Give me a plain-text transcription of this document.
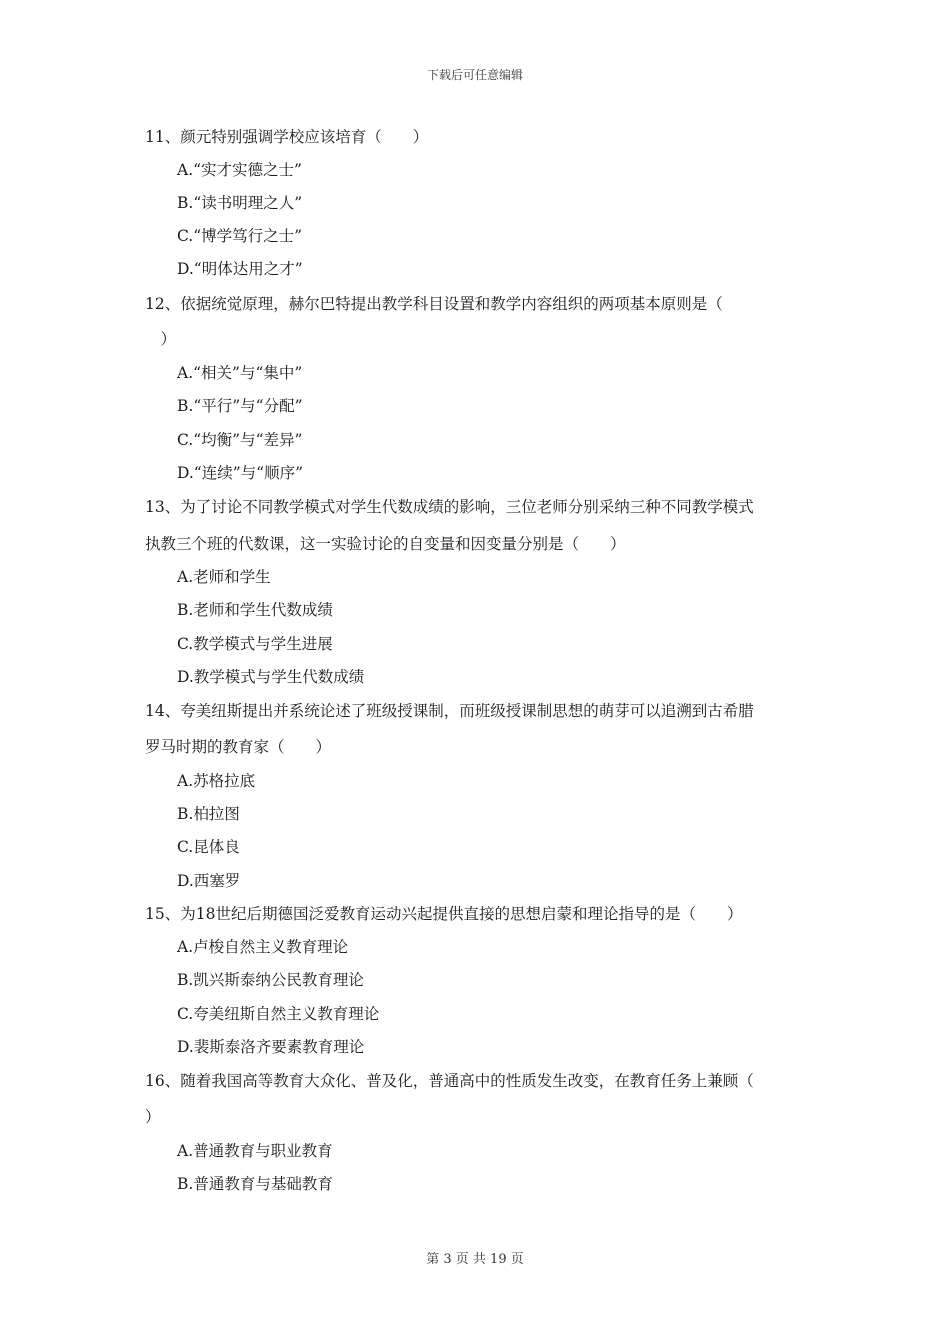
下载后可任意编辑
11、颜元特别强调学校应该培育（　　）
A.“实才实德之士”
B.“读书明理之人”
C.“博学笃行之士”
D.“明体达用之才”
12、依据统觉原理，赫尔巴特提出教学科目设置和教学内容组织的两项基本原则是（
　）
A.“相关”与“集中”
B.“平行”与“分配”
C.“均衡”与“差异”
D.“连续”与“顺序”
13、为了讨论不同教学模式对学生代数成绩的影响，三位老师分别采纳三种不同教学模式
执教三个班的代数课，这一实验讨论的自变量和因变量分别是（　　）
A.老师和学生
B.老师和学生代数成绩
C.教学模式与学生进展
D.教学模式与学生代数成绩
14、夸美纽斯提出并系统论述了班级授课制，而班级授课制思想的萌芽可以追溯到古希腊
罗马时期的教育家（　　）
A.苏格拉底
B.柏拉图
C.昆体良
D.西塞罗
15、为18世纪后期德国泛爱教育运动兴起提供直接的思想启蒙和理论指导的是（　　）
A.卢梭自然主义教育理论
B.凯兴斯泰纳公民教育理论
C.夸美纽斯自然主义教育理论
D.裴斯泰洛齐要素教育理论
16、随着我国高等教育大众化、普及化，普通高中的性质发生改变，在教育任务上兼顾（
）
A.普通教育与职业教育
B.普通教育与基础教育
第 3 页 共 19 页
